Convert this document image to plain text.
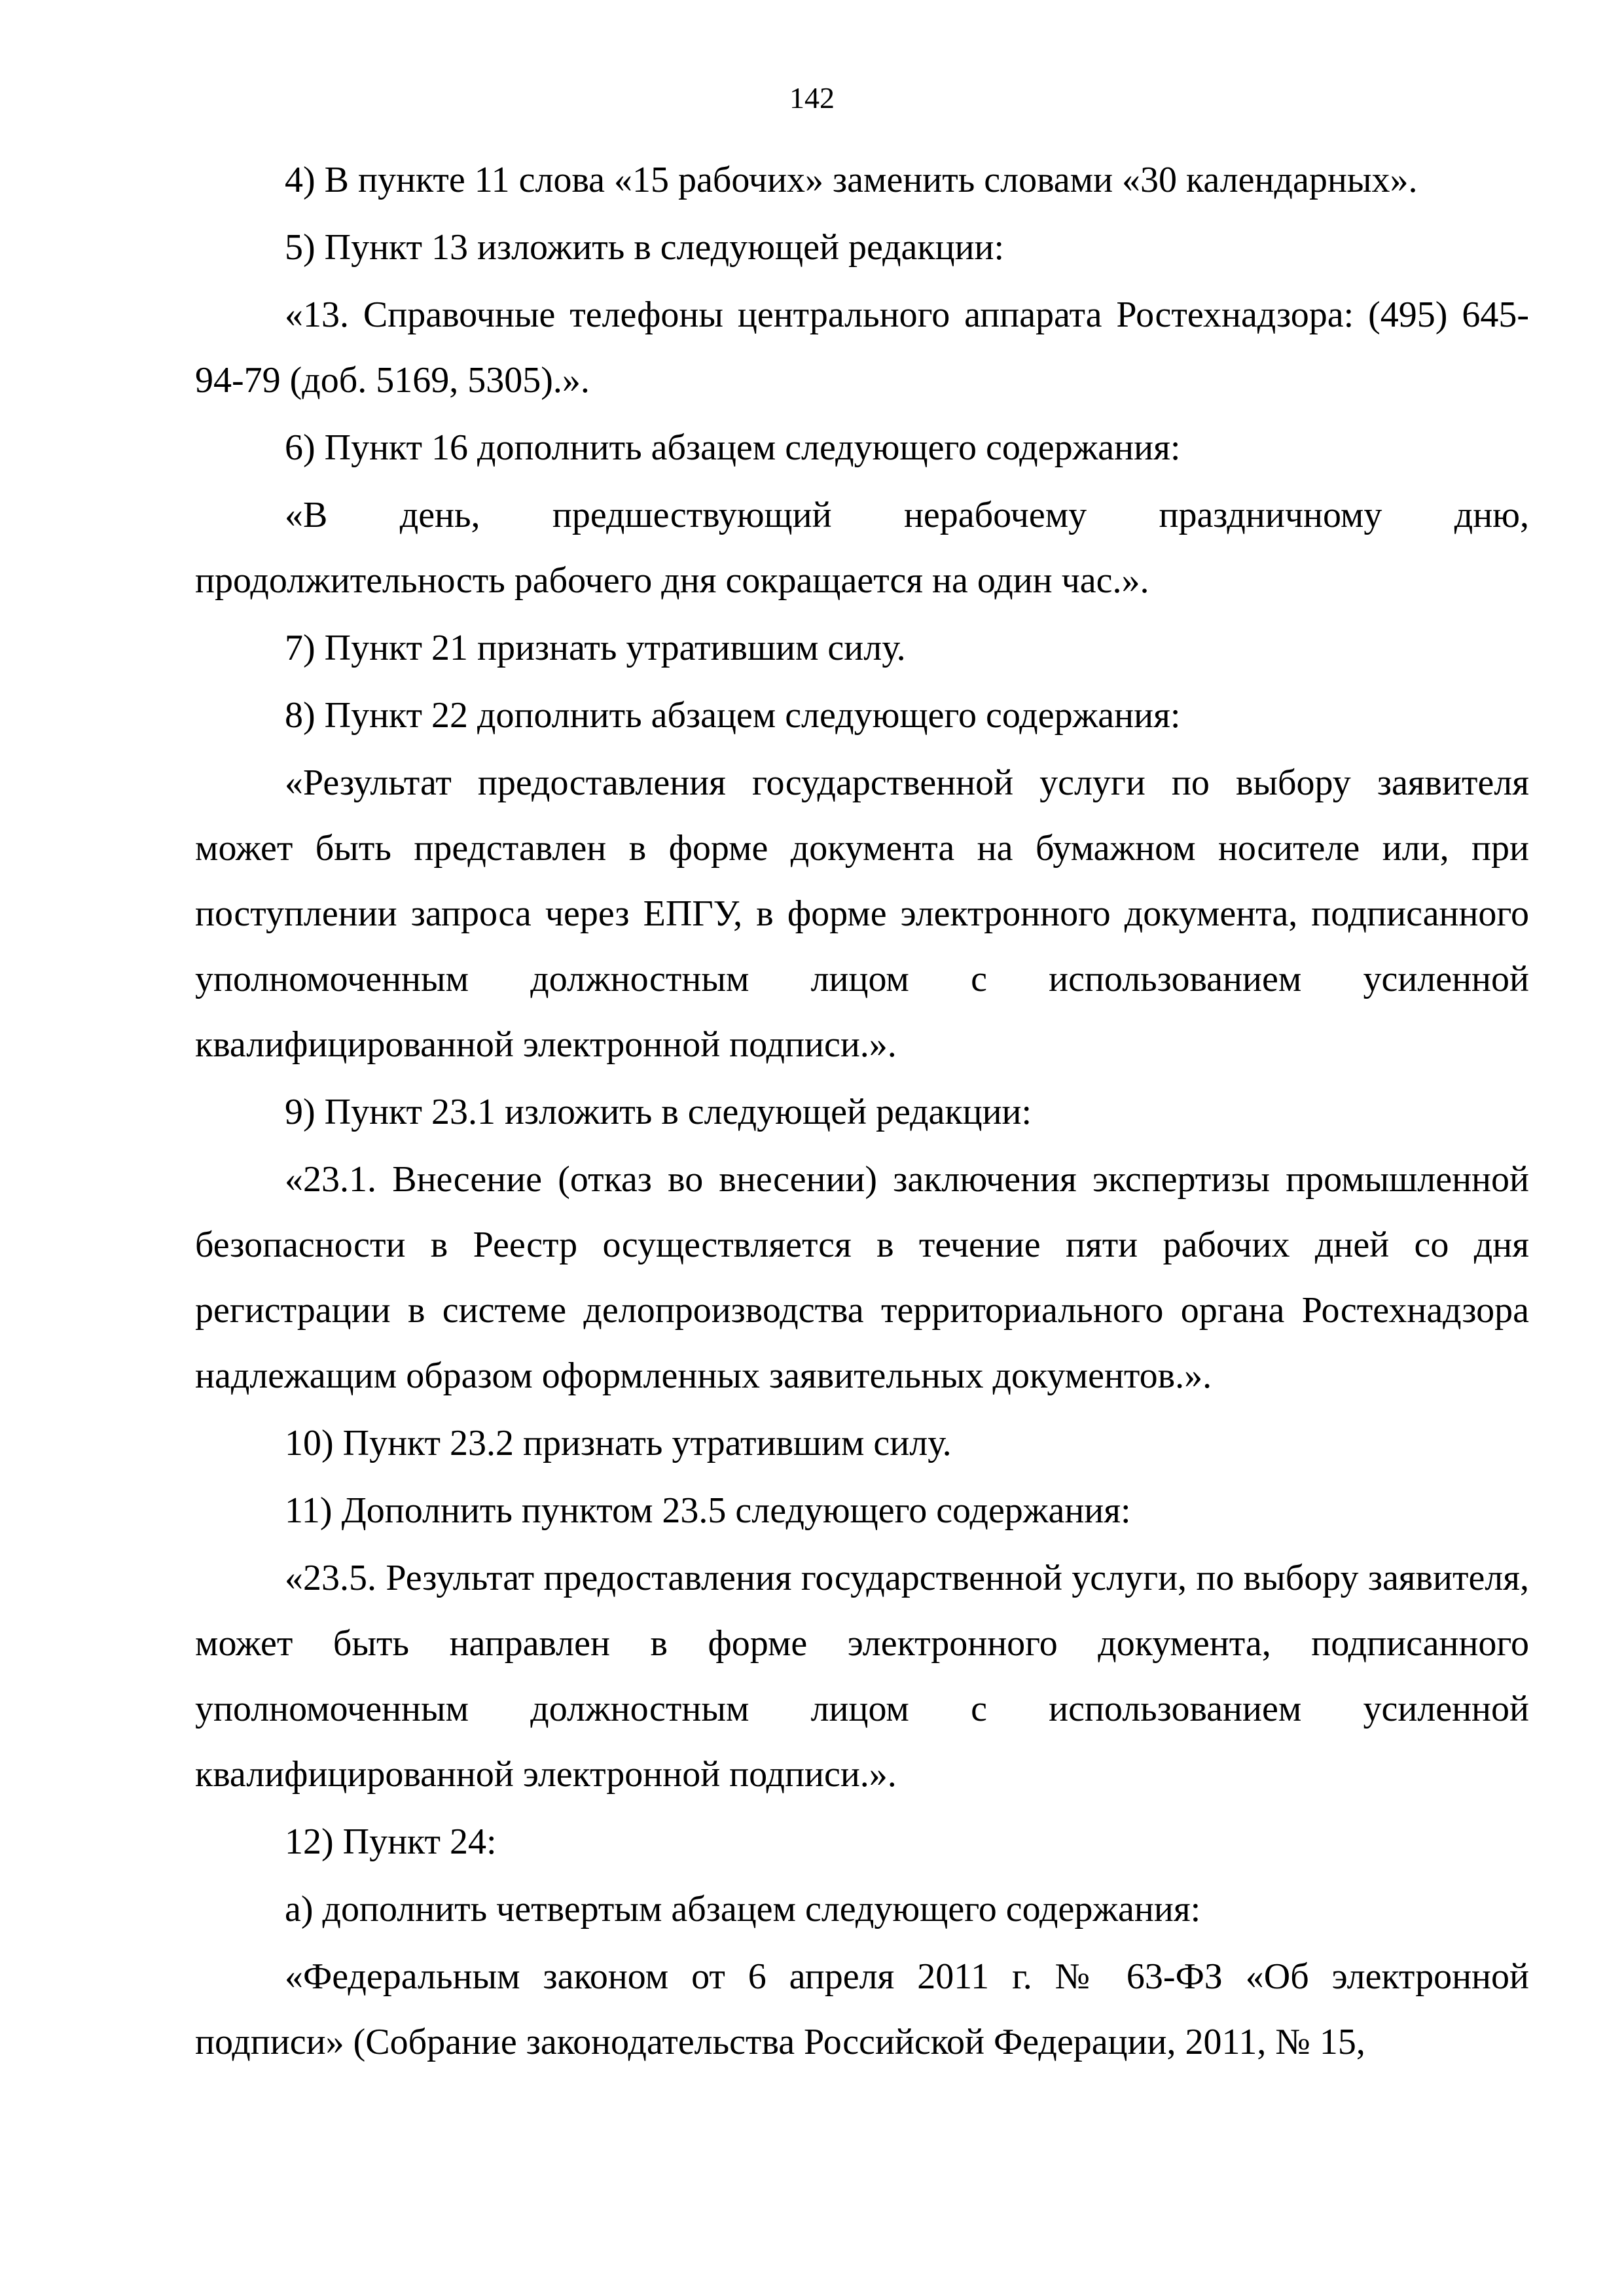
142

4) В пункте 11 слова «15 рабочих» заменить словами «30 календарных».

5) Пункт 13 изложить в следующей редакции:

«13. Справочные телефоны центрального аппарата Ростехнадзора: (495) 645-94-79 (доб. 5169, 5305).».

6) Пункт 16 дополнить абзацем следующего содержания:

«В день, предшествующий нерабочему праздничному дню, продолжительность рабочего дня сокращается на один час.».

7) Пункт 21 признать утратившим силу.

8) Пункт 22 дополнить абзацем следующего содержания:

«Результат предоставления государственной услуги по выбору заявителя может быть представлен в форме документа на бумажном носителе или, при поступлении запроса через ЕПГУ, в форме электронного документа, подписанного уполномоченным должностным лицом с использованием усиленной квалифицированной электронной подписи.».

9) Пункт 23.1 изложить в следующей редакции:

«23.1. Внесение (отказ во внесении) заключения экспертизы промышленной безопасности в Реестр осуществляется в течение пяти рабочих дней со дня регистрации в системе делопроизводства территориального органа Ростехнадзора надлежащим образом оформленных заявительных документов.».

10) Пункт 23.2 признать утратившим силу.

11) Дополнить пунктом 23.5 следующего содержания:

«23.5. Результат предоставления государственной услуги, по выбору заявителя, может быть направлен в форме электронного документа, подписанного уполномоченным должностным лицом с использованием усиленной квалифицированной электронной подписи.».

12) Пункт 24:

а) дополнить четвертым абзацем следующего содержания:

«Федеральным законом от 6 апреля 2011 г. № 63-ФЗ «Об электронной подписи» (Собрание законодательства Российской Федерации, 2011, № 15,
